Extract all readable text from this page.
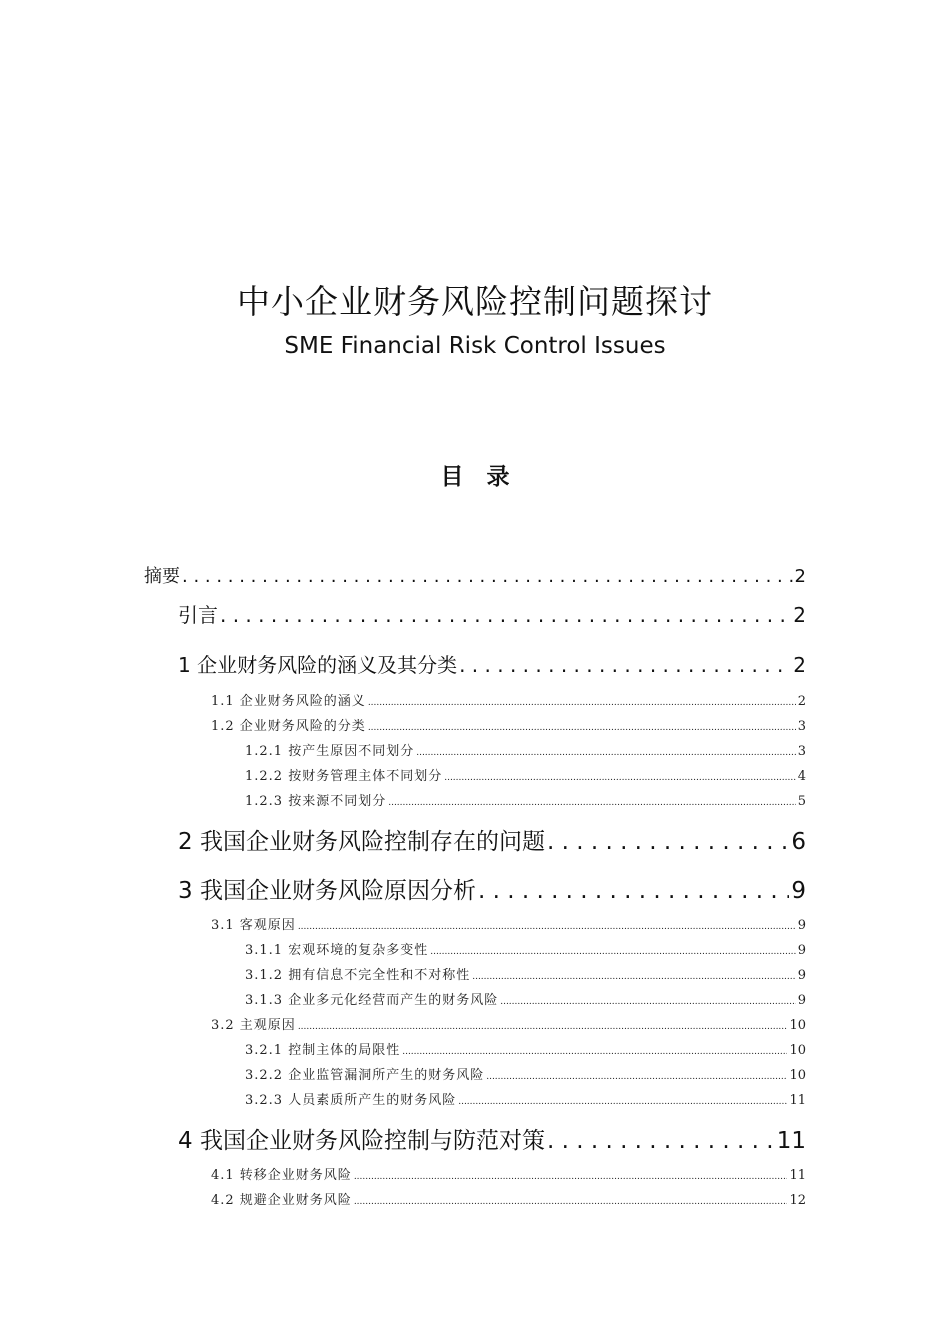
中小企业财务风险控制问题探讨
SME Financial Risk Control Issues
目　录
摘要 . . .	2
引言 . . .	2
1 企业财务风险的涵义及其分类 . . .	2
1.1 企业财务风险的涵义 .....	2
1.2 企业财务风险的分类 .....	3
1.2.1 按产生原因不同划分 .....	3
1.2.2 按财务管理主体不同划分 .....	4
1.2.3 按来源不同划分 .....	5
2 我国企业财务风险控制存在的问题 . . .	6
3 我国企业财务风险原因分析 . . .	9
3.1 客观原因 .....	9
3.1.1 宏观环境的复杂多变性 .....	9
3.1.2 拥有信息不完全性和不对称性 .....	9
3.1.3 企业多元化经营而产生的财务风险 .....	9
3.2 主观原因 .....	10
3.2.1 控制主体的局限性 .....	10
3.2.2 企业监管漏洞所产生的财务风险 .....	10
3.2.3 人员素质所产生的财务风险 .....	11
4 我国企业财务风险控制与防范对策 . . .	11
4.1 转移企业财务风险 .....	11
4.2 规避企业财务风险 .....	12
